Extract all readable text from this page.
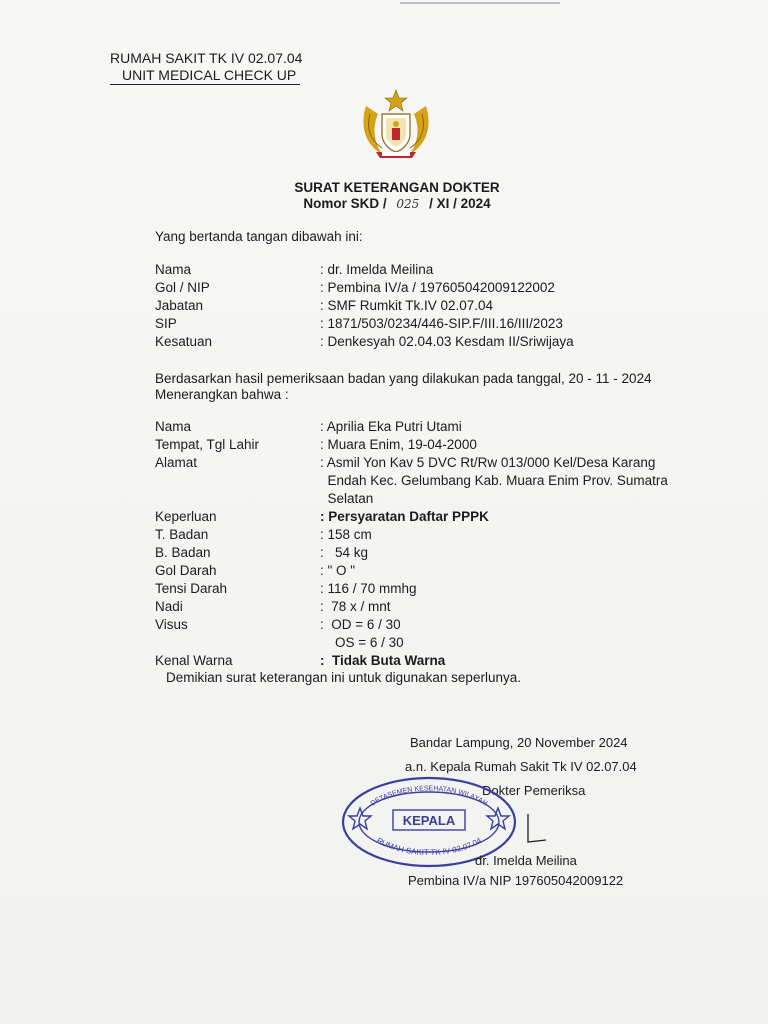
RUMAH SAKIT TK IV 02.07.04
UNIT MEDICAL CHECK UP
SURAT KETERANGAN DOKTER
Nomor SKD / 025 / XI / 2024
Yang bertanda tangan dibawah ini:
Nama	: dr. Imelda Meilina
Gol / NIP	: Pembina IV/a / 197605042009122002
Jabatan	: SMF Rumkit Tk.IV 02.07.04
SIP	: 1871/503/0234/446-SIP.F/III.16/III/2023
Kesatuan	: Denkesyah 02.04.03 Kesdam II/Sriwijaya
Berdasarkan hasil pemeriksaan badan yang dilakukan pada tanggal, 20 - 11 - 2024
Menerangkan bahwa :
Nama	: Aprilia Eka Putri Utami
Tempat, Tgl Lahir	: Muara Enim, 19-04-2000
Alamat	: Asmil Yon Kav 5 DVC Rt/Rw 013/000 Kel/Desa Karang
Endah Kec. Gelumbang Kab. Muara Enim Prov. Sumatra
Selatan
Keperluan	: Persyaratan Daftar PPPK
T. Badan	: 158 cm
B. Badan	:   54 kg
Gol Darah	: " O "
Tensi Darah	: 116 / 70 mmhg
Nadi	:  78 x / mnt
Visus	:  OD = 6 / 30
OS = 6 / 30
Kenal Warna	:  Tidak Buta Warna
Demikian surat keterangan ini untuk digunakan seperlunya.
Bandar Lampung, 20 November 2024
a.n. Kepala Rumah Sakit Tk IV 02.07.04
Dokter Pemeriksa
KEPALA
DETASEMEN KESEHATAN WILAYAH
RUMAH SAKIT TK IV 02.07.04
dr. Imelda Meilina
Pembina IV/a NIP 197605042009122
